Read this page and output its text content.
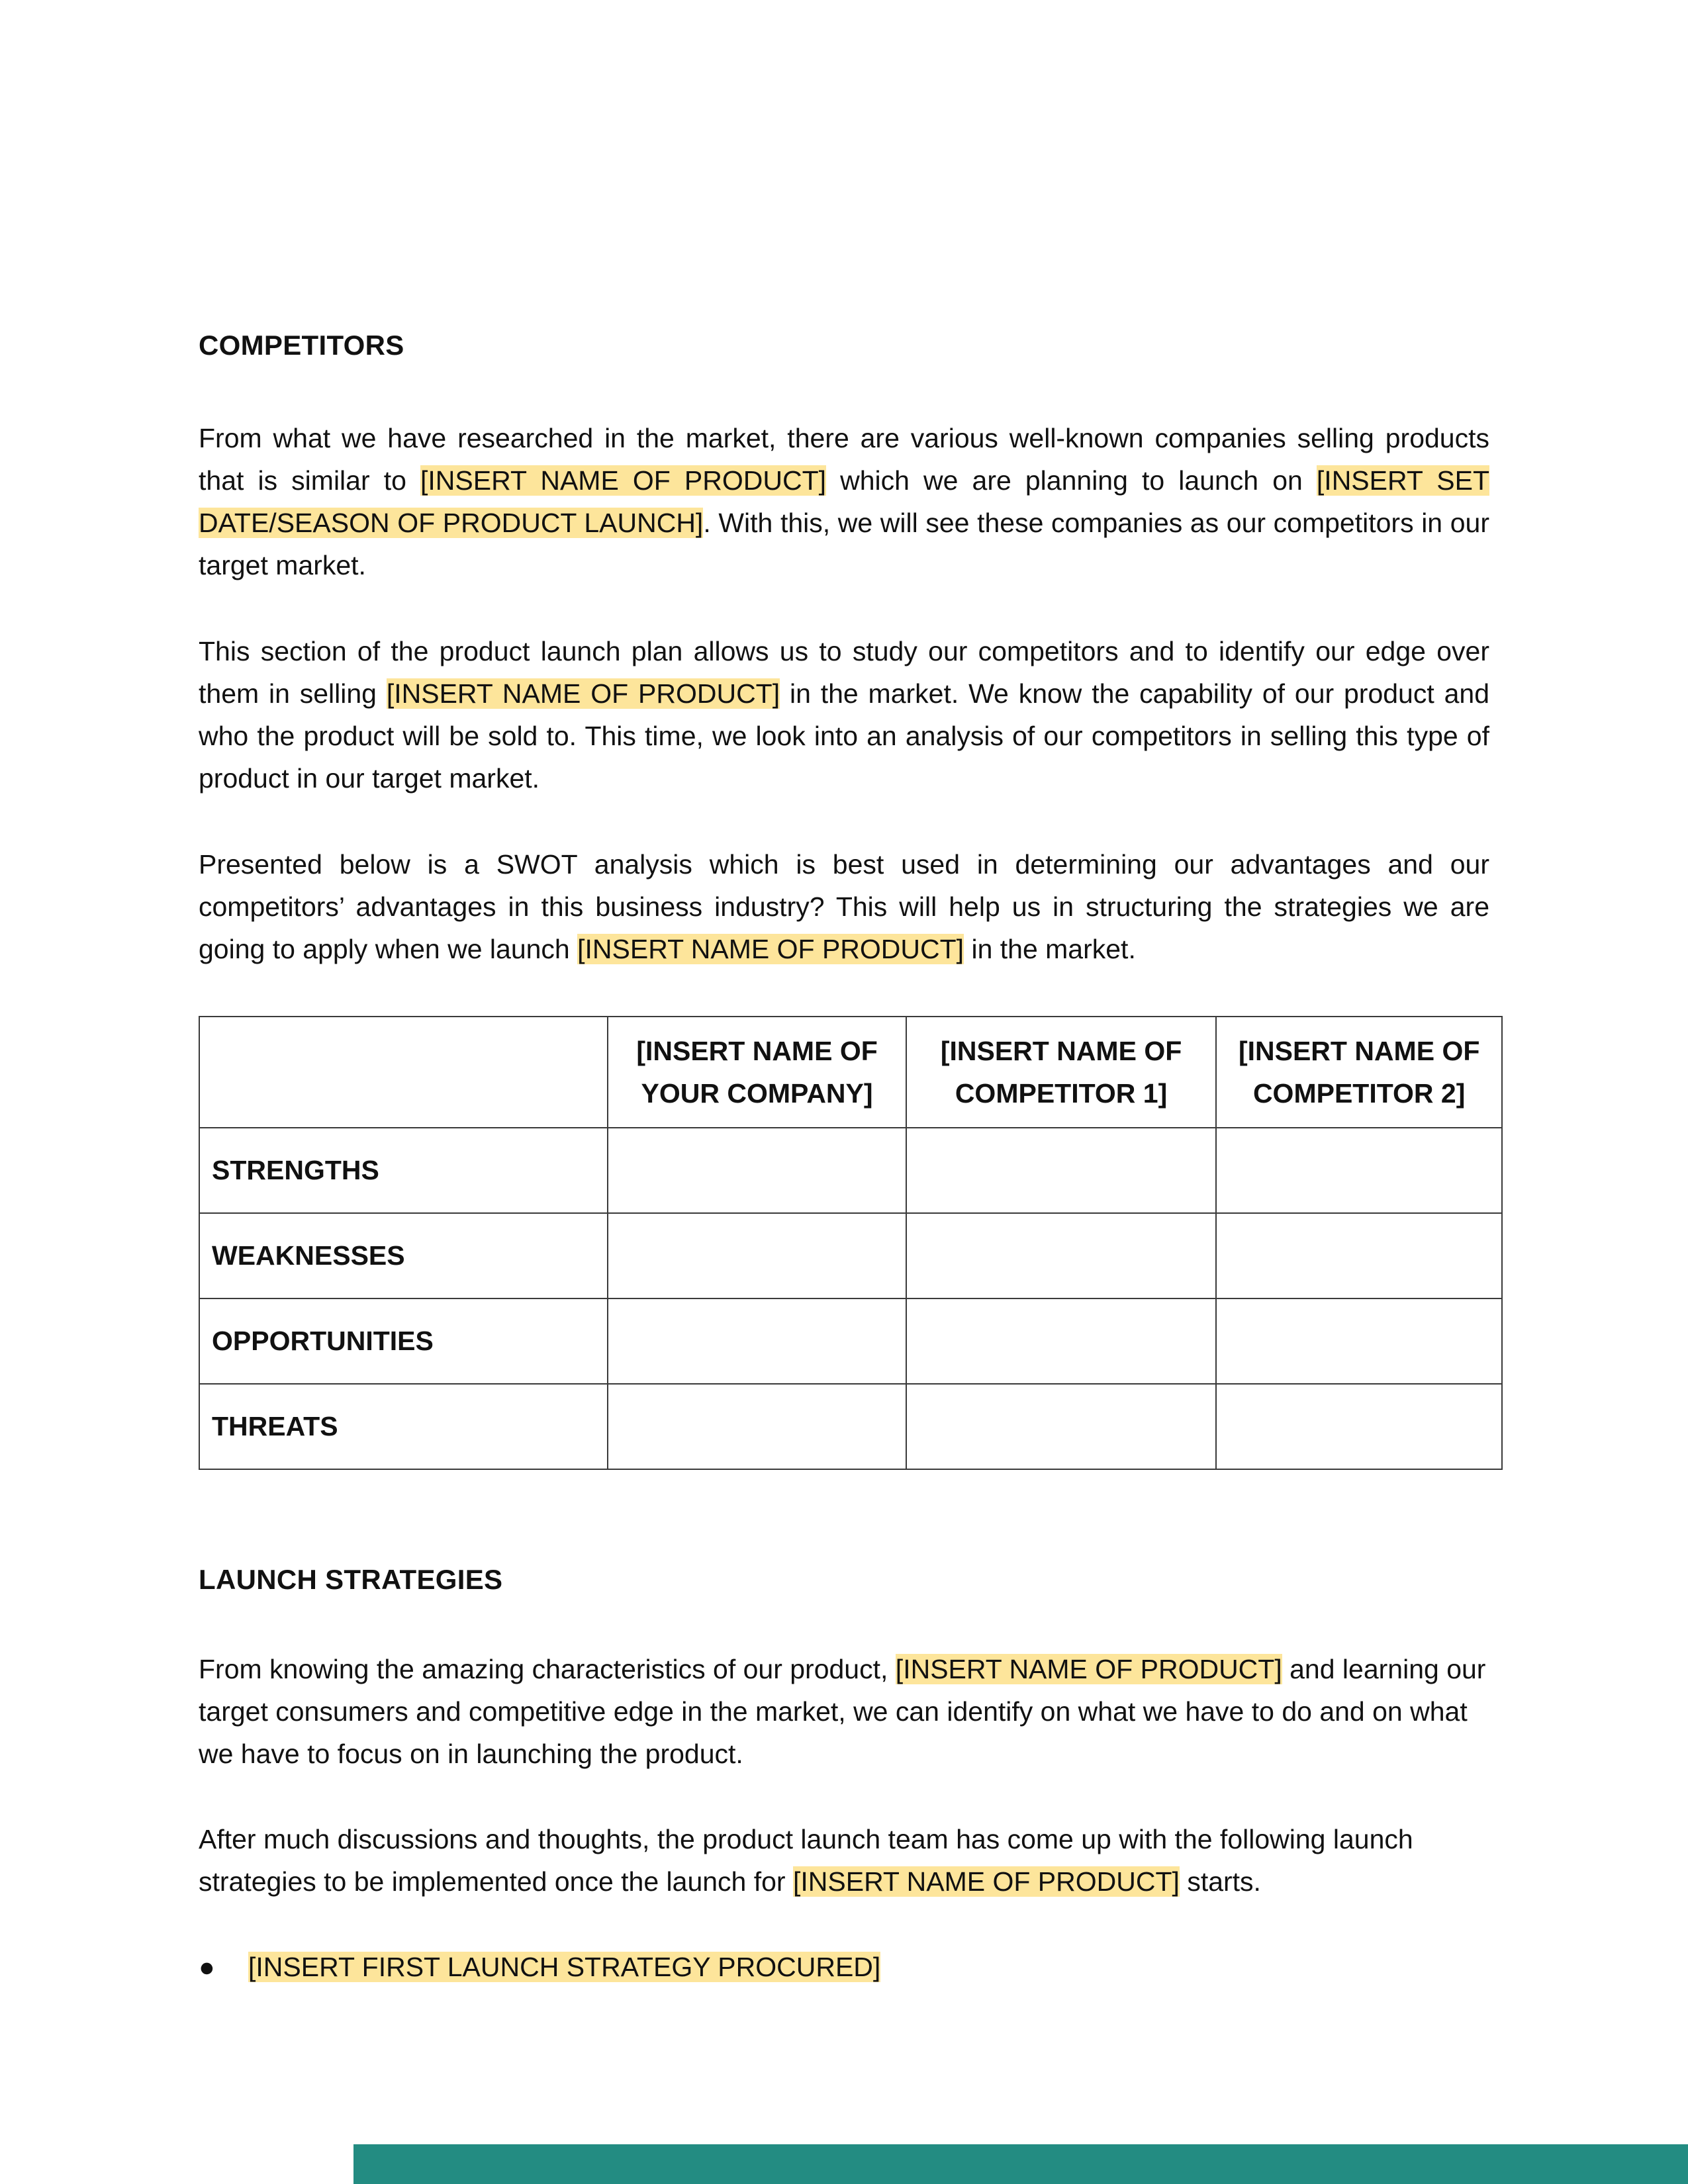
COMPETITORS

From what we have researched in the market, there are various well-known companies selling products that is similar to [INSERT NAME OF PRODUCT] which we are planning to launch on [INSERT SET DATE/SEASON OF PRODUCT LAUNCH]. With this, we will see these companies as our competitors in our target market.

This section of the product launch plan allows us to study our competitors and to identify our edge over them in selling [INSERT NAME OF PRODUCT] in the market. We know the capability of our product and who the product will be sold to. This time, we look into an analysis of our competitors in selling this type of product in our target market.

Presented below is a SWOT analysis which is best used in determining our advantages and our competitors’ advantages in this business industry? This will help us in structuring the strategies we are going to apply when we launch [INSERT NAME OF PRODUCT] in the market.

	[INSERT NAME OF YOUR COMPANY]	[INSERT NAME OF COMPETITOR 1]	[INSERT NAME OF COMPETITOR 2]
STRENGTHS			
WEAKNESSES			
OPPORTUNITIES			
THREATS			
LAUNCH STRATEGIES

From knowing the amazing characteristics of our product, [INSERT NAME OF PRODUCT] and learning our target consumers and competitive edge in the market, we can identify on what we have to do and on what we have to focus on in launching the product.

After much discussions and thoughts, the product launch team has come up with the following launch strategies to be implemented once the launch for [INSERT NAME OF PRODUCT] starts.

● [INSERT FIRST LAUNCH STRATEGY PROCURED]
